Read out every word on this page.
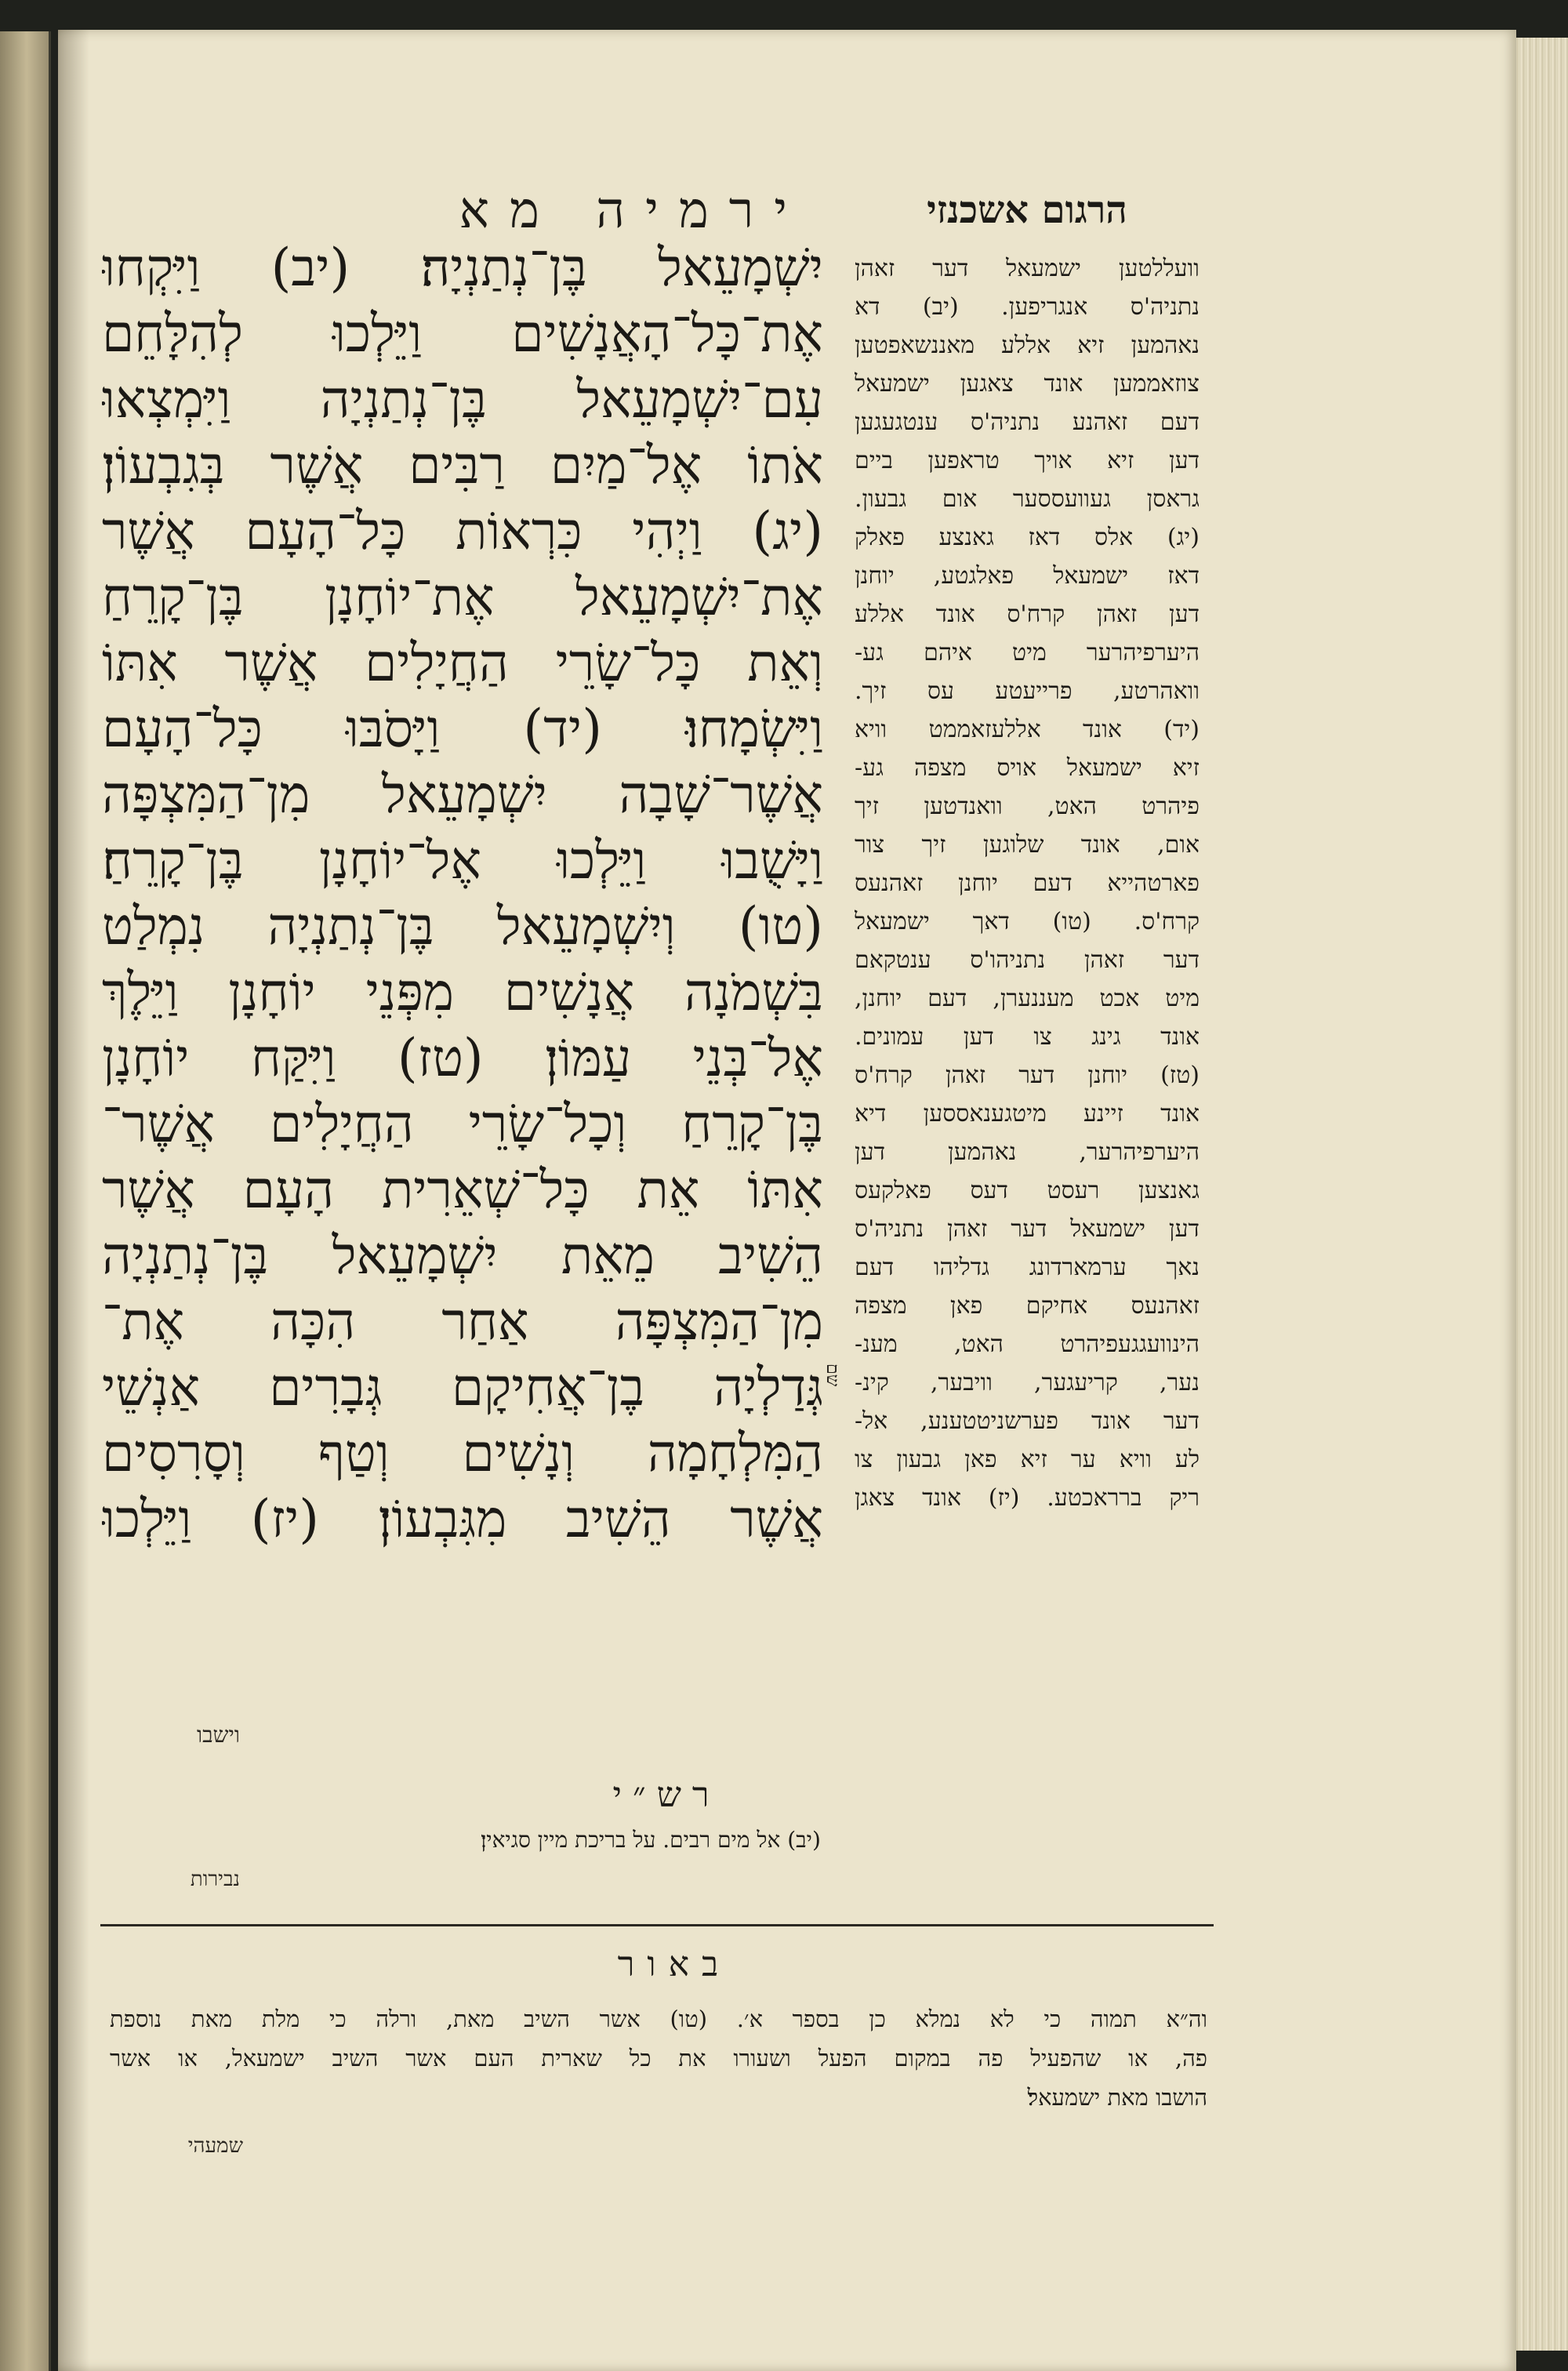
ירמיה מא	הרגום אשכנזי
יִשְׁמָעֵאל בֶּן־נְתַנְיָה׃ (יב) וַיִּקְחוּ
אֶת־כָּל־הָאֲנָשִׁים וַיֵּלְכוּ לְהִלָּחֵם
עִם־יִשְׁמָעֵאל בֶּן־נְתַנְיָה וַיִּמְצְאוּ
אֹתוֹ אֶל־מַיִם רַבִּים אֲשֶׁר בְּגִבְעוֹן׃
(יג) וַיְהִי כִּרְאוֹת כָּל־הָעָם אֲשֶׁר
אֶת־יִשְׁמָעֵאל אֶת־יוֹחָנָן בֶּן־קָרֵחַ
וְאֵת כָּל־שָׂרֵי הַחֲיָלִים אֲשֶׁר אִתּוֹ
וַיִּשְׂמָחוּ׃ (יד) וַיָּסֹבּוּ כָּל־הָעָם
אֲשֶׁר־שָׁבָה יִשְׁמָעֵאל מִן־הַמִּצְפָּה
וַיָּשֻׁבוּ וַיֵּלְכוּ אֶל־יוֹחָנָן בֶּן־קָרֵחַ׃
(טו) וְיִשְׁמָעֵאל בֶּן־נְתַנְיָה נִמְלַט
בִּשְׁמֹנָה אֲנָשִׁים מִפְּנֵי יוֹחָנָן וַיֵּלֶךְ
אֶל־בְּנֵי עַמּוֹן׃ (טז) וַיִּקַּח יוֹחָנָן
בֶּן־קָרֵחַ וְכָל־שָׂרֵי הַחֲיָלִים אֲשֶׁר־
אִתּוֹ אֵת כָּל־שְׁאֵרִית הָעָם אֲשֶׁר
הֵשִׁיב מֵאֵת יִשְׁמָעֵאל בֶּן־נְתַנְיָה
מִן־הַמִּצְפָּה אַחַר הִכָּה אֶת־
גְּדַלְיָה בֶן־אֲחִיקָם גְּבָרִים אַנְשֵׁי
הַמִּלְחָמָה וְנָשִׁים וְטַף וְסָרִסִים
אֲשֶׁר הֵשִׁיב מִגִּבְעוֹן׃ (יז) וַיֵּלְכוּ
וועללטען ישמעאל דער זאהן
נתניה'ס אנגריפען. (יב) דא
נאהמען זיא אללע מאננשאפטען
צוזאממען אונד צאגען ישמעאל
דעם זאהנע נתניה'ס ענטגעגען
דען זיא אויך טראפען ביים
גראסן געוועססער אום גבעון.
(יג) אלס דאז גאנצע פאלק
דאז ישמעאל פאלגטע, יוחנן
דען זאהן קרח'ס אונד אללע
היערפיהרער מיט איהם גע-
וואהרטע, פרייעטע עס זיך.
(יד) אונד אללעזאממט וויא
זיא ישמעאל אויס מצפה גע-
פיהרט האט, וואנדטען זיך
אום, אונד שלוגען זיך צור
פארטהייא דעם יוחנן זאהנעס
קרח'ס. (טו) דאך ישמעאל
דער זאהן נתניהו'ס ענטקאם
מיט אכט מעננערן, דעם יוחנן,
אונד גינג צו דען עמונים.
(טז) יוחנן דער זאהן קרח'ס
אונד זיינע מיטגענאססען דיא
היערפיהרער, נאהמען דען
גאנצען רעסט דעס פאלקעס
דען ישמעאל דער זאהן נתניה'ס
נאך ערמארדונג גדליהו דעם
זאהנעס אחיקם פאן מצפה
הינוועגגעפיהרט האט, מענ-
נער, קריעגער, וויבער, קינ-
דער אונד פערשניטטענע, אל-
לע וויא ער זיא פאן גבעון צו
ריק ברראכטע. (יז) אונד צאגן
שם
וישבו
רש״י
(יב) אל מים רבים. על בריכת מיין סגיאין׃
נבירות
באור
וה״א תמוה כי לא נמלא כן בספר א׳. (טו) אשר השיב מאת, ורלה כי מלת מאת נוספת
פה, או שהפעיל פה במקום הפעל ושעורו את כל שארית העם אשר השיב ישמעאל, או אשר
הושבו מאת ישמעאל׃
שמעהי
